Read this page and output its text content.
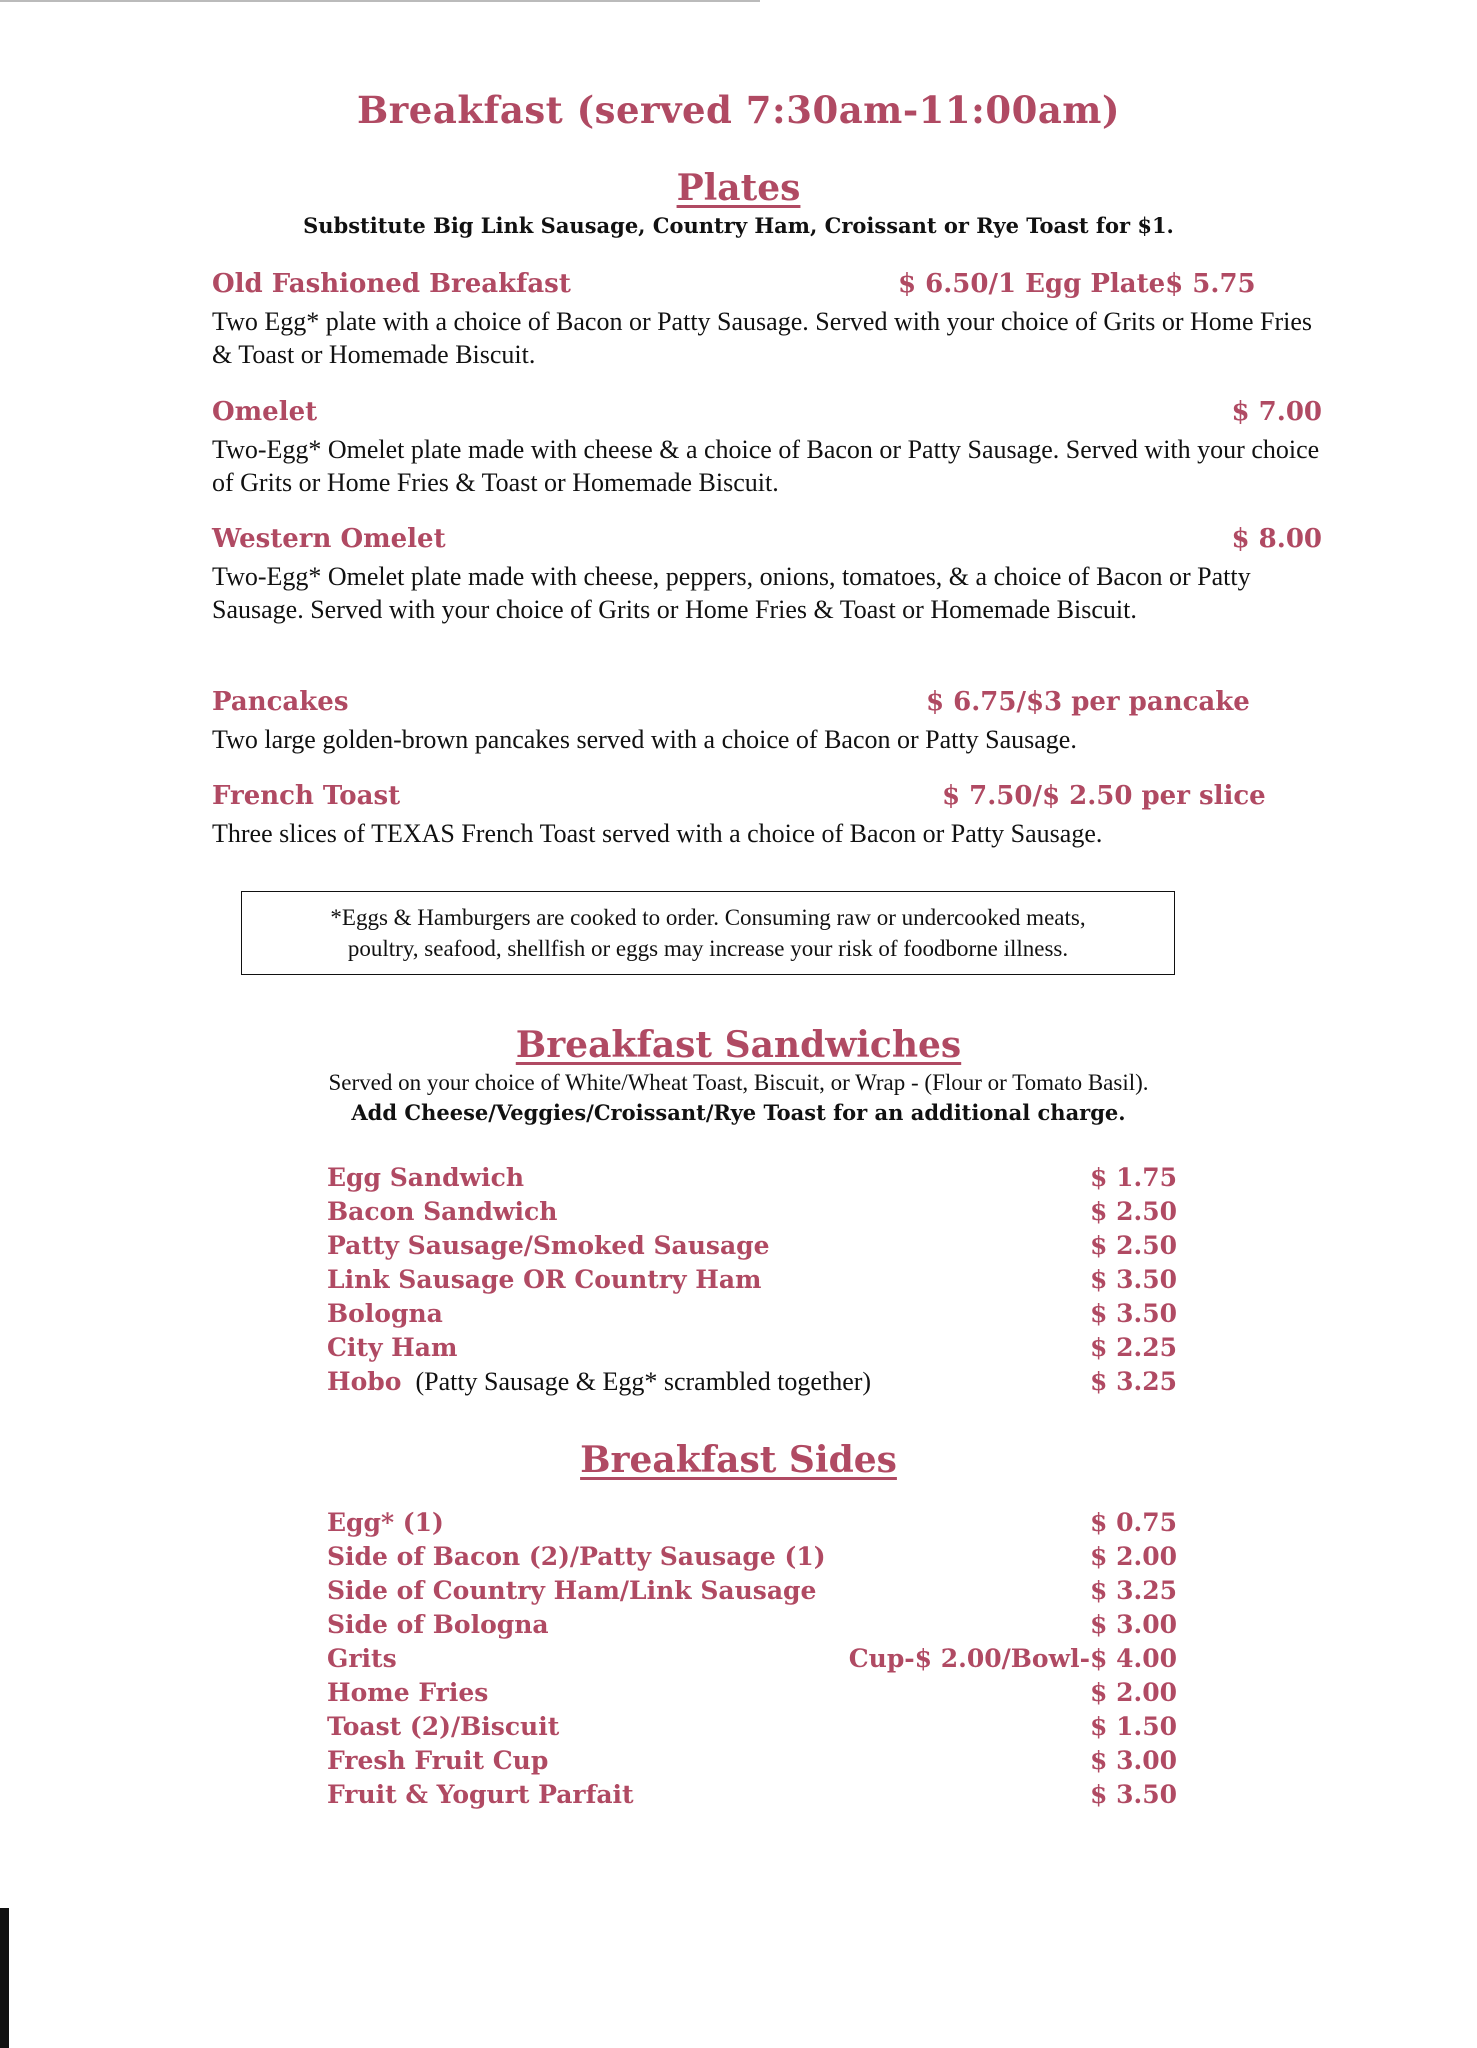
Breakfast (served 7:30am-11:00am)
Plates
Substitute Big Link Sausage, Country Ham, Croissant or Rye Toast for $1.
Old Fashioned Breakfast	$ 6.50/1 Egg Plate$ 5.75
Two Egg* plate with a choice of Bacon or Patty Sausage. Served with your choice of Grits or Home Fries & Toast or Homemade Biscuit.
Omelet	$ 7.00
Two-Egg* Omelet plate made with cheese & a choice of Bacon or Patty Sausage. Served with your choice of Grits or Home Fries & Toast or Homemade Biscuit.
Western Omelet	$ 8.00
Two-Egg* Omelet plate made with cheese, peppers, onions, tomatoes, & a choice of Bacon or Patty Sausage. Served with your choice of Grits or Home Fries & Toast or Homemade Biscuit.
Pancakes	$ 6.75/$3 per pancake
Two large golden-brown pancakes served with a choice of Bacon or Patty Sausage.
French Toast	$ 7.50/$ 2.50 per slice
Three slices of TEXAS French Toast served with a choice of Bacon or Patty Sausage.
*Eggs & Hamburgers are cooked to order. Consuming raw or undercooked meats,
poultry, seafood, shellfish or eggs may increase your risk of foodborne illness.
Breakfast Sandwiches
Served on your choice of White/Wheat Toast, Biscuit, or Wrap - (Flour or Tomato Basil).
Add Cheese/Veggies/Croissant/Rye Toast for an additional charge.
Egg Sandwich	$ 1.75
Bacon Sandwich	$ 2.50
Patty Sausage/Smoked Sausage	$ 2.50
Link Sausage OR Country Ham	$ 3.50
Bologna	$ 3.50
City Ham	$ 2.25
Hobo (Patty Sausage & Egg* scrambled together)	$ 3.25
Breakfast Sides
Egg* (1)	$ 0.75
Side of Bacon (2)/Patty Sausage (1)	$ 2.00
Side of Country Ham/Link Sausage	$ 3.25
Side of Bologna	$ 3.00
Grits	Cup-$ 2.00/Bowl-$ 4.00
Home Fries	$ 2.00
Toast (2)/Biscuit	$ 1.50
Fresh Fruit Cup	$ 3.00
Fruit & Yogurt Parfait	$ 3.50
